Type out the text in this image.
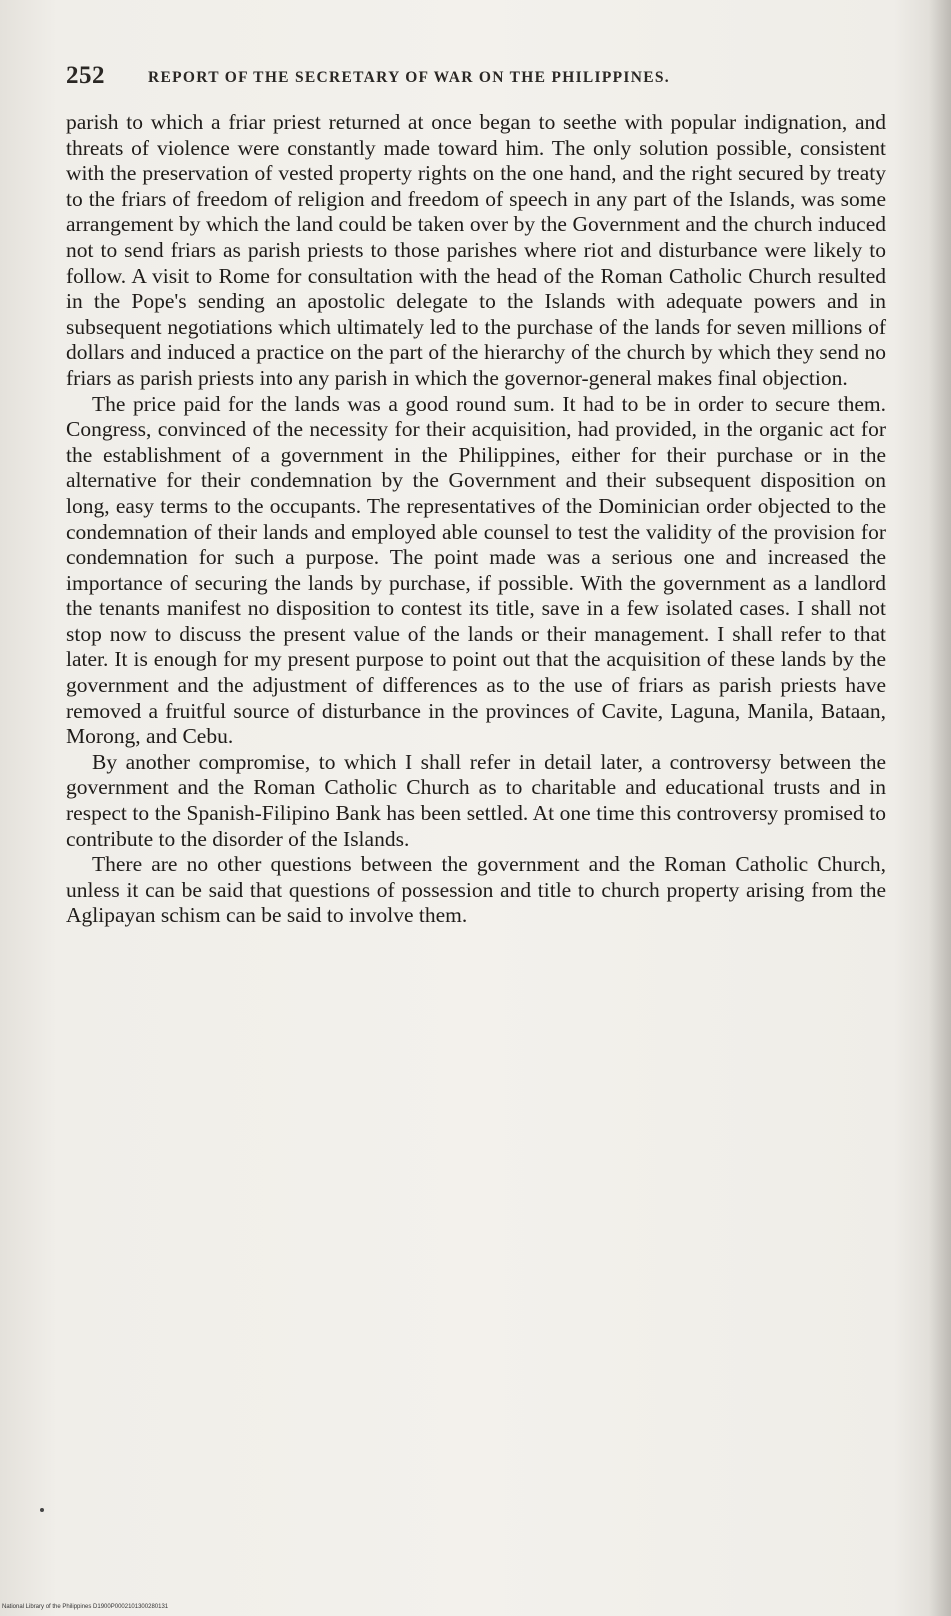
252	REPORT OF THE SECRETARY OF WAR ON THE PHILIPPINES.

parish to which a friar priest returned at once began to seethe with popular indignation, and threats of violence were constantly made toward him. The only solution possible, consistent with the preservation of vested property rights on the one hand, and the right secured by treaty to the friars of freedom of religion and freedom of speech in any part of the Islands, was some arrangement by which the land could be taken over by the Government and the church induced not to send friars as parish priests to those parishes where riot and disturbance were likely to follow. A visit to Rome for consultation with the head of the Roman Catholic Church resulted in the Pope's sending an apostolic delegate to the Islands with adequate powers and in subsequent negotiations which ultimately led to the purchase of the lands for seven millions of dollars and induced a practice on the part of the hierarchy of the church by which they send no friars as parish priests into any parish in which the governor-general makes final objection.

The price paid for the lands was a good round sum. It had to be in order to secure them. Congress, convinced of the necessity for their acquisition, had provided, in the organic act for the establishment of a government in the Philippines, either for their purchase or in the alternative for their condemnation by the Government and their subsequent disposition on long, easy terms to the occupants. The representatives of the Dominician order objected to the condemnation of their lands and employed able counsel to test the validity of the provision for condemnation for such a purpose. The point made was a serious one and increased the importance of securing the lands by purchase, if possible. With the government as a landlord the tenants manifest no disposition to contest its title, save in a few isolated cases. I shall not stop now to discuss the present value of the lands or their management. I shall refer to that later. It is enough for my present purpose to point out that the acquisition of these lands by the government and the adjustment of differences as to the use of friars as parish priests have removed a fruitful source of disturbance in the provinces of Cavite, Laguna, Manila, Bataan, Morong, and Cebu.

By another compromise, to which I shall refer in detail later, a controversy between the government and the Roman Catholic Church as to charitable and educational trusts and in respect to the Spanish-Filipino Bank has been settled. At one time this controversy promised to contribute to the disorder of the Islands.

There are no other questions between the government and the Roman Catholic Church, unless it can be said that questions of possession and title to church property arising from the Aglipayan schism can be said to involve them.

National Library of the Philippines D1900P0002101300280131
